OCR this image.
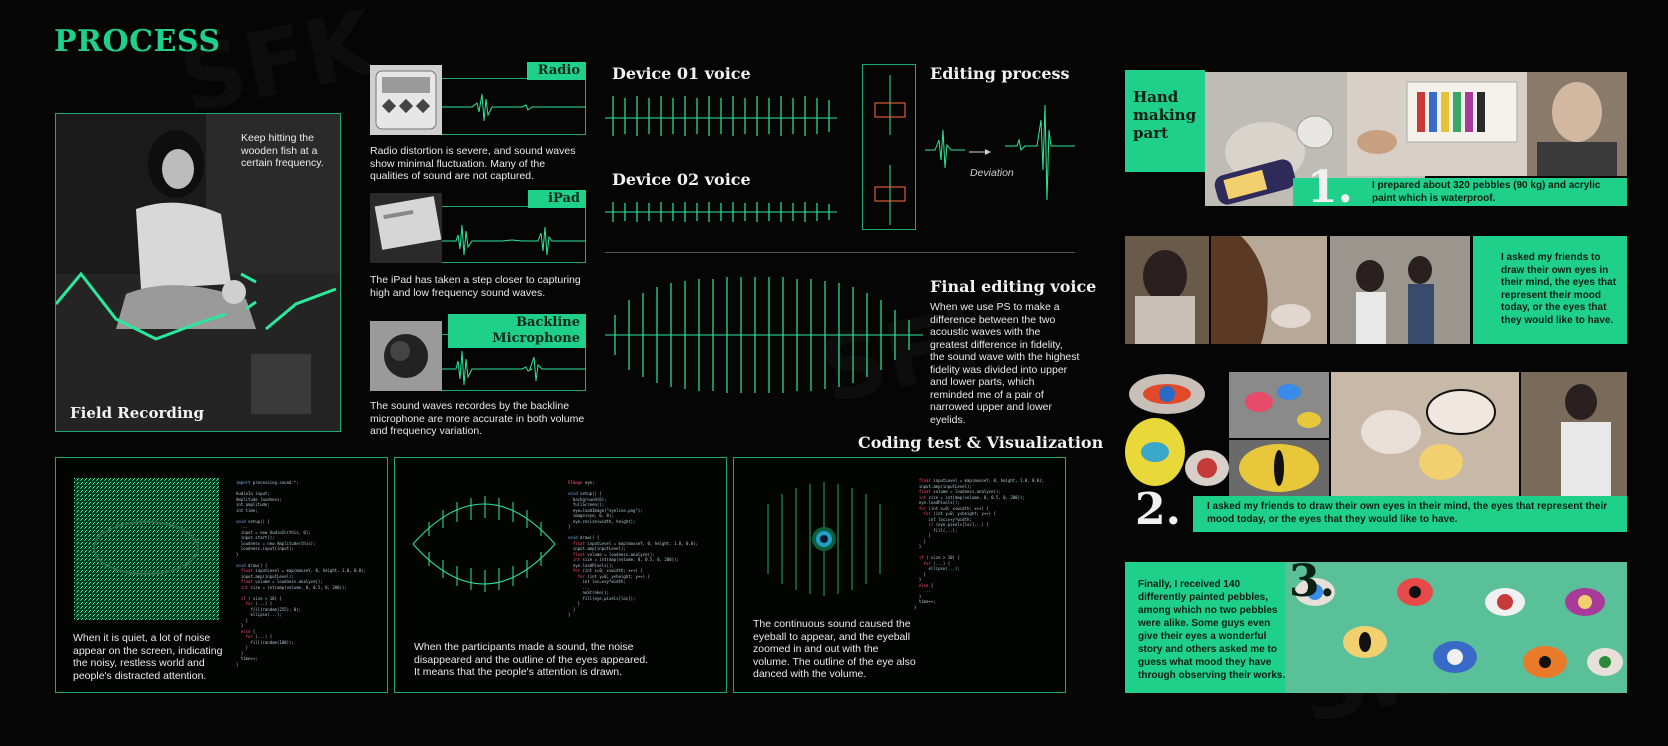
PROCESS
Keep hitting the wooden fish at a certain frequency.
Field Recording
Radio
Radio distortion is severe, and sound waves show minimal fluctuation. Many of the qualities of sound are not captured.
iPad
The iPad has taken a step closer to capturing high and low frequency sound waves.
Backline Microphone
The sound waves recordes by the backline microphone are more accurate in both volume and frequency variation.
Device 01 voice
Device 02 voice
Editing process
Deviation
Final editing voice
When we use PS to make a difference between the two acoustic waves with the greatest difference in fidelity, the sound wave with the highest fidelity was divided into upper and lower parts, which reminded me of a pair of narrowed upper and lower eyelids.
Coding test & Visualization
import processing.sound.*;

AudioIn input;
Amplitude loudness;
int amplitude;
int time;

void setup() {
...
input = new AudioIn(this, 0);
input.start();
loudness = new Amplitude(this);
loudness.input(input);
}

void draw() {
float inputLevel = map(mouseY, 0, height, 1.0, 0.0);
input.amp(inputLevel);
float volume = loudness.analyze();
int size = int(map(volume, 0, 0.5, 0, 200));

if ( size > 10) {
for (...) {
fill(random(255), 0);
ellipse(...);
}
}
else {
for (...) {
fill(random(100));
}
}
time++;
}
When it is quiet, a lot of noise appear on the screen, indicating the noisy, restless world and people's distracted attention.
PImage eye;

void setup() {
background(0);
fullScreen();
eye=loadImage("eyeline.png");
image(eye, 0, 0);
eye.resize(width, height);
}

void draw() {
float inputLevel = map(mouseY, 0, height, 1.0, 0.0);
input.amp(inputLevel);
float volume = loudness.analyze();
int size = int(map(volume, 0, 0.5, 0, 200));
eye.loadPixels();
for (int x=0; x<width; x++) {
for (int y=0; y<height; y++) {
int loc=x+y*width;
...
noStroke();
fill(eye.pixels[loc]);
}
}
}
When the participants made a sound, the noise disappeared and the outline of the eyes appeared. It means that the people's attention is drawn.
float inputLevel = map(mouseY, 0, height, 1.0, 0.0);
input.amp(inputLevel);
float volume = loudness.analyze();
int size = int(map(volume, 0, 0.5, 0, 200));
eye.loadPixels();
for (int x=0; x<width; x++) {
for (int y=0; y<height; y++) {
int loc=x+y*width;
if (eye.pixels[loc]...) {
fill(...);
}
}
}

if ( size > 10) {
for (...) {
ellipse(...);
}
}
else {
...
}
time++;
}
The continuous sound caused the eyeball to appear, and the eyeball zoomed in and out with the volume. The outline of the eye also danced with the volume.
Hand
making
part
1. I prepared about 320 pebbles (90 kg) and acrylic paint which is waterproof.
I asked my friends to draw their own eyes in their mind, the eyes that represent their mood today, or the eyes that they would like to have.
2.	I asked my friends to draw their own eyes in their mind, the eyes that represent their mood today, or the eyes that they would like to have.
3.
Finally, I received 140 differently painted pebbles, among which no two pebbles were alike. Some guys even give their eyes a wonderful story and others asked me to guess what mood they have through observing their works.
